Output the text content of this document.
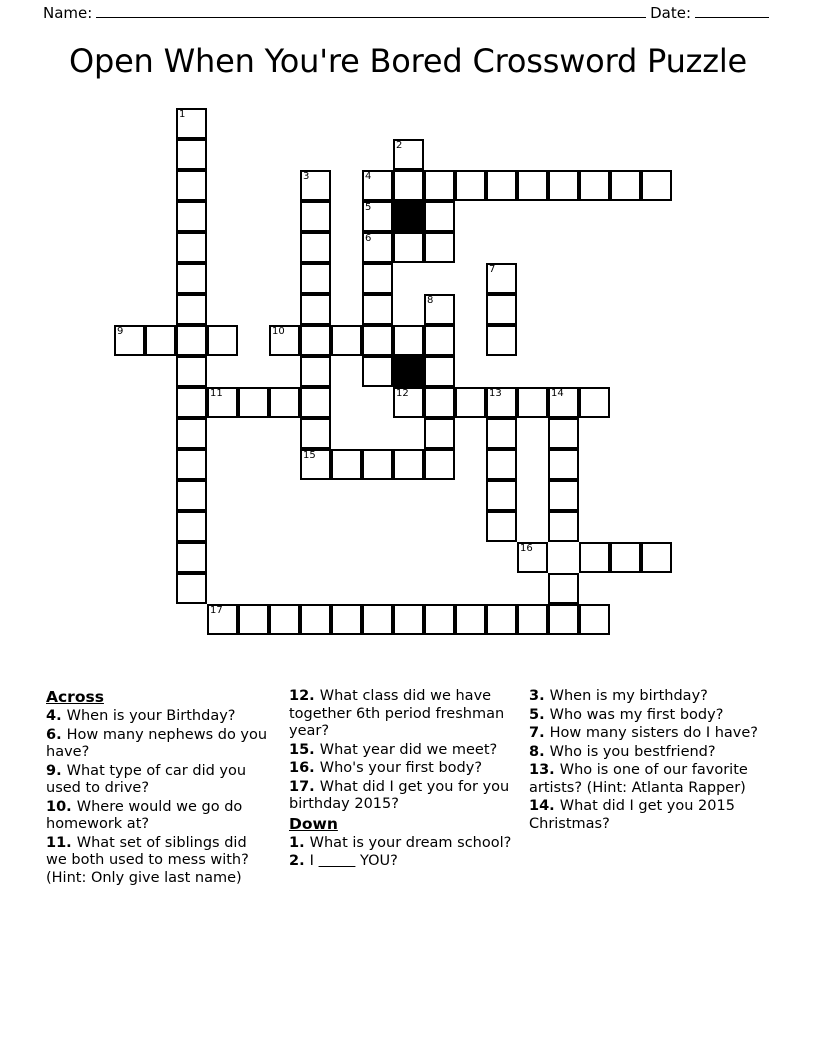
Name:	Date:
Open When You're Bored Crossword Puzzle
1
2
3	4
5
6
7
8
9	10
11	12	13	14
15
16
17
Across
4. When is your Birthday?
6. How many nephews do you have?
9. What type of car did you used to drive?
10. Where would we go do homework at?
11. What set of siblings did we both used to mess with? (Hint: Only give last name)
12. What class did we have together 6th period freshman year?
15. What year did we meet?
16. Who's your first body?
17. What did I get you for you birthday 2015?
Down
1. What is your dream school?
2. I	YOU?
3. When is my birthday?
5. Who was my first body?
7. How many sisters do I have?
8. Who is you bestfriend?
13. Who is one of our favorite artists? (Hint: Atlanta Rapper)
14. What did I get you 2015 Christmas?
